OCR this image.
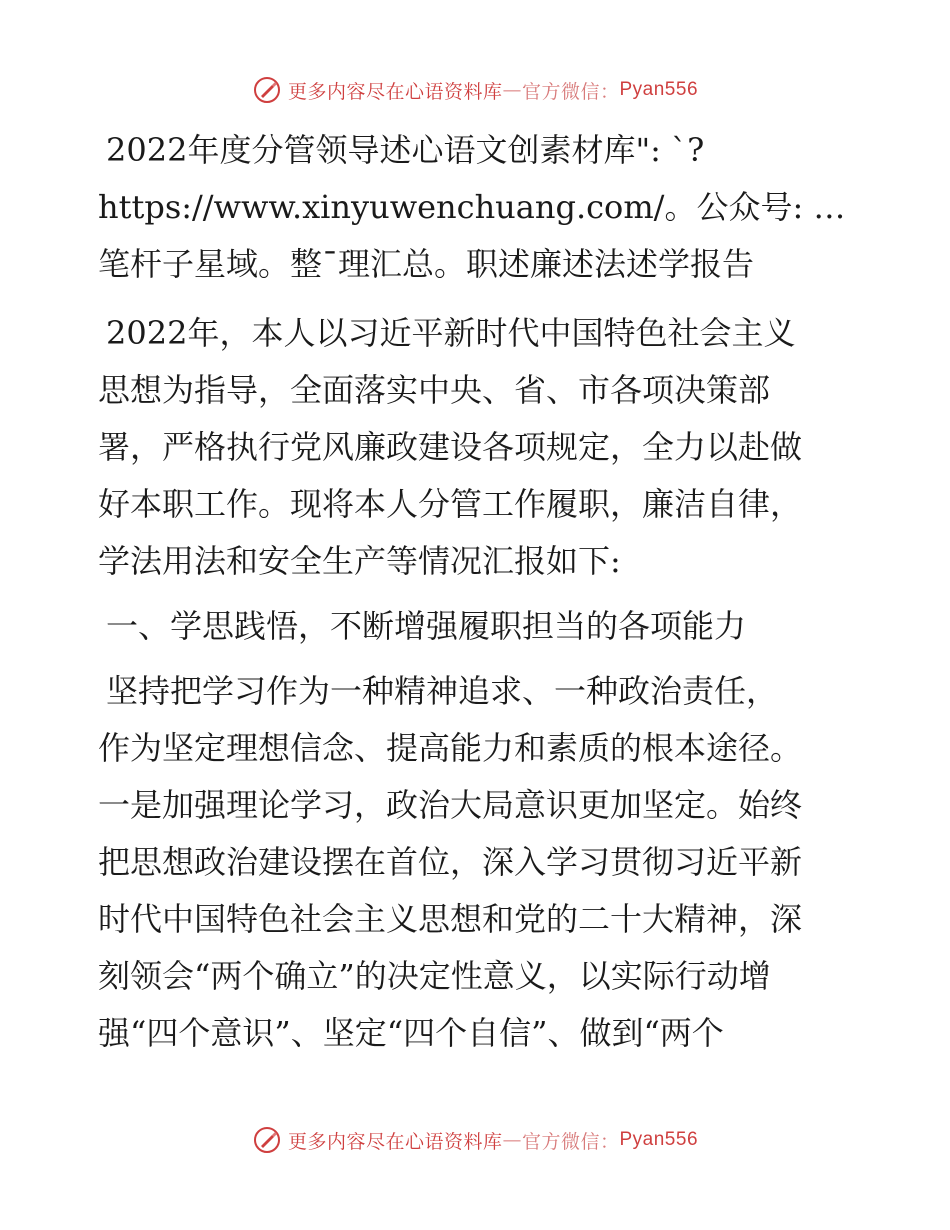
更多内容尽在心语资料库 — 官方微信： Pyan556
2022年度分管领导述心语文创素材库": `?
https://www.xinyuwenchuang.com/。公众号: …
笔杆子星域。整¯理汇总。职述廉述法述学报告
2022年，本人以习近平新时代中国特色社会主义
思想为指导，全面落实中央、省、市各项决策部
署，严格执行党风廉政建设各项规定，全力以赴做
好本职工作。现将本人分管工作履职，廉洁自律，
学法用法和安全生产等情况汇报如下:
一、学思践悟，不断增强履职担当的各项能力
坚持把学习作为一种精神追求、一种政治责任，
作为坚定理想信念、提高能力和素质的根本途径。
一是加强理论学习，政治大局意识更加坚定。始终
把思想政治建设摆在首位，深入学习贯彻习近平新
时代中国特色社会主义思想和党的二十大精神，深
刻领会“两个确立”的决定性意义，以实际行动增
强“四个意识”、坚定“四个自信”、做到“两个
更多内容尽在心语资料库 — 官方微信： Pyan556
